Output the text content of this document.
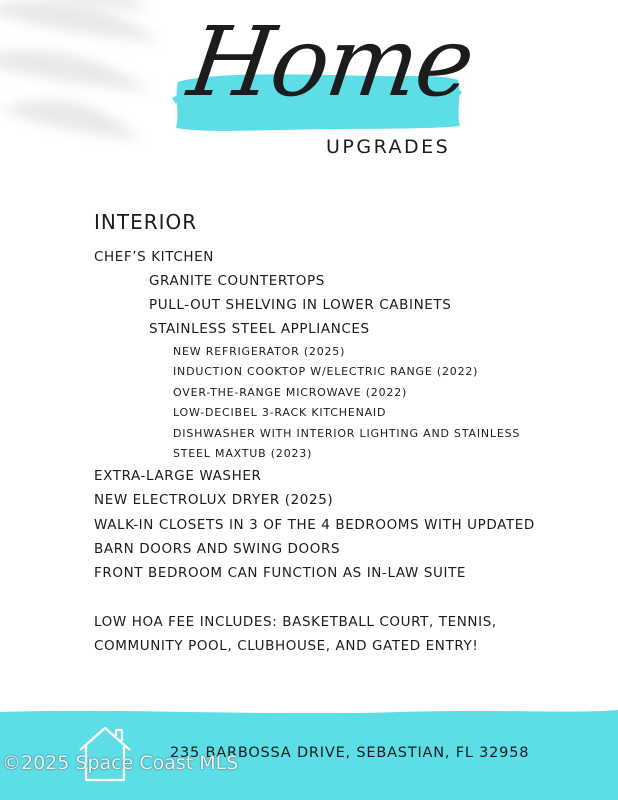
Home
UPGRADES
INTERIOR
CHEF’S KITCHEN
GRANITE COUNTERTOPS
PULL-OUT SHELVING IN LOWER CABINETS
STAINLESS STEEL APPLIANCES
NEW REFRIGERATOR (2025)
INDUCTION COOKTOP W/ELECTRIC RANGE (2022)
OVER-THE-RANGE MICROWAVE (2022)
LOW-DECIBEL 3-RACK KITCHENAID
DISHWASHER WITH INTERIOR LIGHTING AND STAINLESS
STEEL MAXTUB (2023)
EXTRA-LARGE WASHER
NEW ELECTROLUX DRYER (2025)
WALK-IN CLOSETS IN 3 OF THE 4 BEDROOMS WITH UPDATED
BARN DOORS AND SWING DOORS
FRONT BEDROOM CAN FUNCTION AS IN-LAW SUITE
LOW HOA FEE INCLUDES: BASKETBALL COURT, TENNIS,
COMMUNITY POOL, CLUBHOUSE, AND GATED ENTRY!
235 BARBOSSA DRIVE, SEBASTIAN, FL 32958
©2025 Space Coast MLS
